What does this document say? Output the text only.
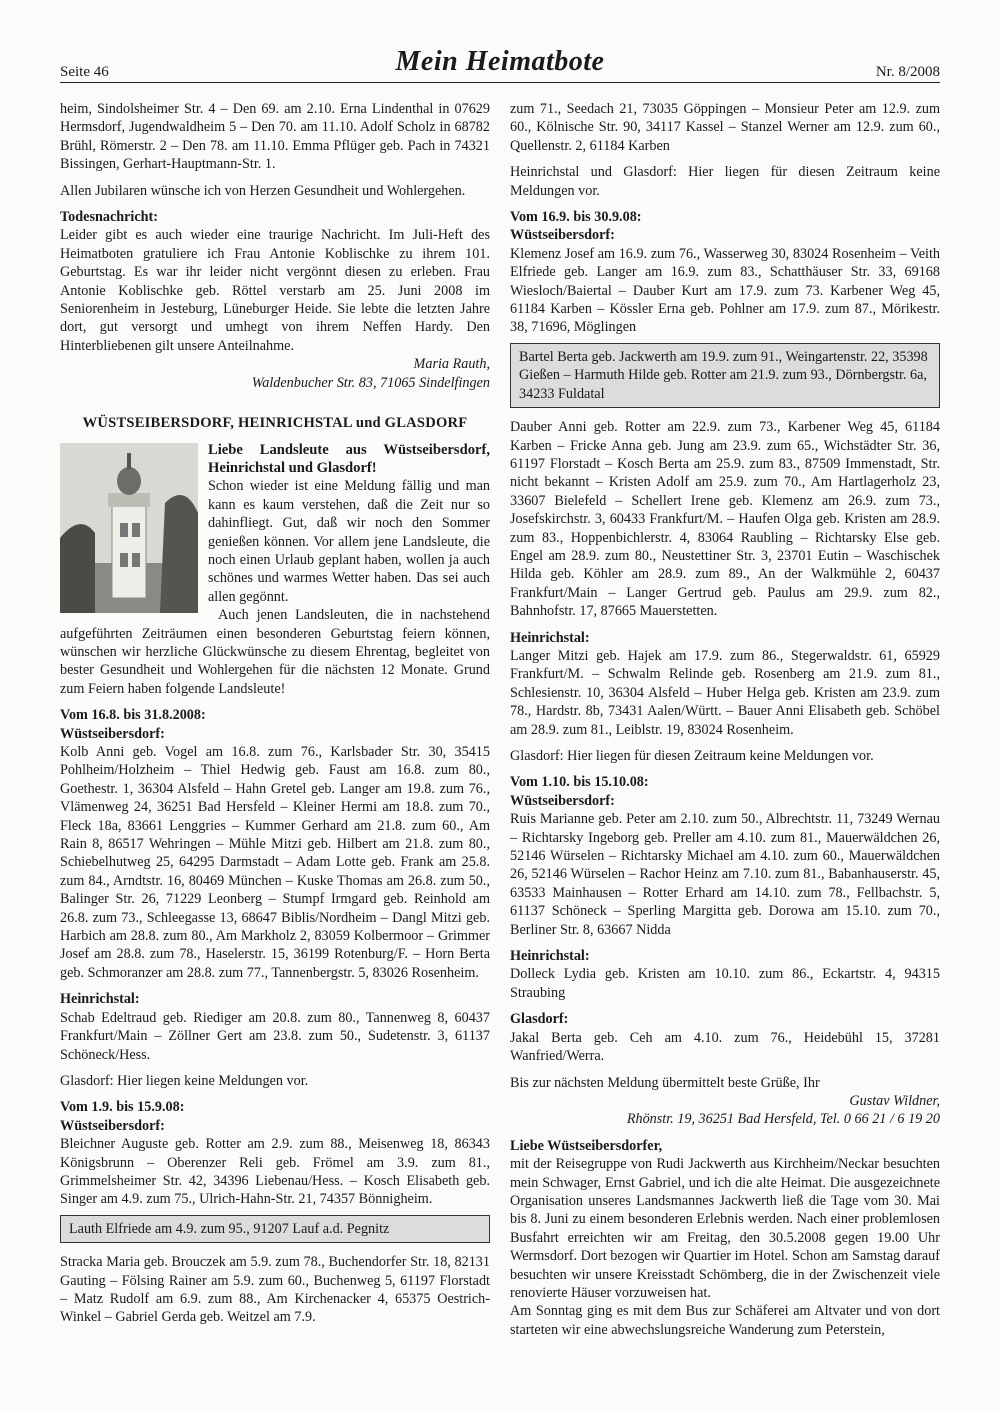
Seite 46	Mein Heimatbote	Nr. 8/2008

heim, Sindolsheimer Str. 4 – Den 69. am 2.10. Erna Lindenthal in 07629 Hermsdorf, Jugendwaldheim 5 – Den 70. am 11.10. Adolf Scholz in 68782 Brühl, Römerstr. 2 – Den 78. am 11.10. Emma Pflüger geb. Pach in 74321 Bissingen, Gerhart-Hauptmann-Str. 1.

Allen Jubilaren wünsche ich von Herzen Gesundheit und Wohlergehen.

Todesnachricht:

Leider gibt es auch wieder eine traurige Nachricht. Im Juli-Heft des Heimatboten gratuliere ich Frau Antonie Koblischke zu ihrem 101. Geburtstag. Es war ihr leider nicht vergönnt diesen zu erleben. Frau Antonie Koblischke geb. Röttel verstarb am 25. Juni 2008 im Seniorenheim in Jesteburg, Lüneburger Heide. Sie lebte die letzten Jahre dort, gut versorgt und umhegt von ihrem Neffen Hardy. Den Hinterbliebenen gilt unsere Anteilnahme.

Maria Rauth,
Waldenbucher Str. 83, 71065 Sindelfingen
WÜSTSEIBERSDORF, HEINRICHSTAL und GLASDORF
Liebe Landsleute aus Wüstseibersdorf, Heinrichstal und Glasdorf!

Schon wieder ist eine Meldung fällig und man kann es kaum verstehen, daß die Zeit nur so dahinfliegt. Gut, daß wir noch den Sommer genießen können. Vor allem jene Landsleute, die noch einen Urlaub geplant haben, wollen ja auch schönes und warmes Wetter haben. Das sei auch allen gegönnt.

Auch jenen Landsleuten, die in nachstehend aufgeführten Zeiträumen einen besonderen Geburtstag feiern können, wünschen wir herzliche Glückwünsche zu diesem Ehrentag, begleitet von bester Gesundheit und Wohlergehen für die nächsten 12 Monate. Grund zum Feiern haben folgende Landsleute!

Vom 16.8. bis 31.8.2008:

Wüstseibersdorf:

Kolb Anni geb. Vogel am 16.8. zum 76., Karlsbader Str. 30, 35415 Pohlheim/Holzheim – Thiel Hedwig geb. Faust am 16.8. zum 80., Goethestr. 1, 36304 Alsfeld – Hahn Gretel geb. Langer am 19.8. zum 76., Vlämenweg 24, 36251 Bad Hersfeld – Kleiner Hermi am 18.8. zum 70., Fleck 18a, 83661 Lenggries – Kummer Gerhard am 21.8. zum 60., Am Rain 8, 86517 Wehringen – Mühle Mitzi geb. Hilbert am 21.8. zum 80., Schiebelhutweg 25, 64295 Darmstadt – Adam Lotte geb. Frank am 25.8. zum 84., Arndtstr. 16, 80469 München – Kuske Thomas am 26.8. zum 50., Balinger Str. 26, 71229 Leonberg – Stumpf Irmgard geb. Reinhold am 26.8. zum 73., Schleegasse 13, 68647 Biblis/Nordheim – Dangl Mitzi geb. Harbich am 28.8. zum 80., Am Markholz 2, 83059 Kolbermoor – Grimmer Josef am 28.8. zum 78., Haselerstr. 15, 36199 Rotenburg/F. – Horn Berta geb. Schmoranzer am 28.8. zum 77., Tannenbergstr. 5, 83026 Rosenheim.

Heinrichstal:

Schab Edeltraud geb. Riediger am 20.8. zum 80., Tannenweg 8, 60437 Frankfurt/Main – Zöllner Gert am 23.8. zum 50., Sudetenstr. 3, 61137 Schöneck/Hess.

Glasdorf: Hier liegen keine Meldungen vor.

Vom 1.9. bis 15.9.08:

Wüstseibersdorf:

Bleichner Auguste geb. Rotter am 2.9. zum 88., Meisenweg 18, 86343 Königsbrunn – Oberenzer Reli geb. Frömel am 3.9. zum 81., Grimmelsheimer Str. 42, 34396 Liebenau/Hess. – Kosch Elisabeth geb. Singer am 4.9. zum 75., Ulrich-Hahn-Str. 21, 74357 Bönnigheim.

Lauth Elfriede am 4.9. zum 95., 91207 Lauf a.d. Pegnitz

Stracka Maria geb. Brouczek am 5.9. zum 78., Buchendorfer Str. 18, 82131 Gauting – Fölsing Rainer am 5.9. zum 60., Buchenweg 5, 61197 Florstadt – Matz Rudolf am 6.9. zum 88., Am Kirchenacker 4, 65375 Oestrich-Winkel – Gabriel Gerda geb. Weitzel am 7.9.

zum 71., Seedach 21, 73035 Göppingen – Monsieur Peter am 12.9. zum 60., Kölnische Str. 90, 34117 Kassel – Stanzel Werner am 12.9. zum 60., Quellenstr. 2, 61184 Karben

Heinrichstal und Glasdorf: Hier liegen für diesen Zeitraum keine Meldungen vor.

Vom 16.9. bis 30.9.08:

Wüstseibersdorf:

Klemenz Josef am 16.9. zum 76., Wasserweg 30, 83024 Rosenheim – Veith Elfriede geb. Langer am 16.9. zum 83., Schatthäuser Str. 33, 69168 Wiesloch/Baiertal – Dauber Kurt am 17.9. zum 73. Karbener Weg 45, 61184 Karben – Kössler Erna geb. Pohlner am 17.9. zum 87., Mörikestr. 38, 71696, Möglingen

Bartel Berta geb. Jackwerth am 19.9. zum 91., Weingartenstr. 22, 35398 Gießen – Harmuth Hilde geb. Rotter am 21.9. zum 93., Dörnbergstr. 6a, 34233 Fuldatal

Dauber Anni geb. Rotter am 22.9. zum 73., Karbener Weg 45, 61184 Karben – Fricke Anna geb. Jung am 23.9. zum 65., Wichstädter Str. 36, 61197 Florstadt – Kosch Berta am 25.9. zum 83., 87509 Immenstadt, Str. nicht bekannt – Kristen Adolf am 25.9. zum 70., Am Hartlagerholz 23, 33607 Bielefeld – Schellert Irene geb. Klemenz am 26.9. zum 73., Josefskirchstr. 3, 60433 Frankfurt/M. – Haufen Olga geb. Kristen am 28.9. zum 83., Hoppenbichlerstr. 4, 83064 Raubling – Richtarsky Else geb. Engel am 28.9. zum 80., Neustettiner Str. 3, 23701 Eutin – Waschischek Hilda geb. Köhler am 28.9. zum 89., An der Walkmühle 2, 60437 Frankfurt/Main – Langer Gertrud geb. Paulus am 29.9. zum 82., Bahnhofstr. 17, 87665 Mauerstetten.

Heinrichstal:

Langer Mitzi geb. Hajek am 17.9. zum 86., Stegerwaldstr. 61, 65929 Frankfurt/M. – Schwalm Relinde geb. Rosenberg am 21.9. zum 81., Schlesienstr. 10, 36304 Alsfeld – Huber Helga geb. Kristen am 23.9. zum 78., Hardstr. 8b, 73431 Aalen/Württ. – Bauer Anni Elisabeth geb. Schöbel am 28.9. zum 81., Leiblstr. 19, 83024 Rosenheim.

Glasdorf: Hier liegen für diesen Zeitraum keine Meldungen vor.

Vom 1.10. bis 15.10.08:

Wüstseibersdorf:

Ruis Marianne geb. Peter am 2.10. zum 50., Albrechtstr. 11, 73249 Wernau – Richtarsky Ingeborg geb. Preller am 4.10. zum 81., Mauerwäldchen 26, 52146 Würselen – Richtarsky Michael am 4.10. zum 60., Mauerwäldchen 26, 52146 Würselen – Rachor Heinz am 7.10. zum 81., Babanhauserstr. 45, 63533 Mainhausen – Rotter Erhard am 14.10. zum 78., Fellbachstr. 5, 61137 Schöneck – Sperling Margitta geb. Dorowa am 15.10. zum 70., Berliner Str. 8, 63667 Nidda

Heinrichstal:

Dolleck Lydia geb. Kristen am 10.10. zum 86., Eckartstr. 4, 94315 Straubing

Glasdorf:

Jakal Berta geb. Ceh am 4.10. zum 76., Heidebühl 15, 37281 Wanfried/Werra.

Bis zur nächsten Meldung übermittelt beste Grüße, Ihr

Gustav Wildner,
Rhönstr. 19, 36251 Bad Hersfeld, Tel. 0 66 21 / 6 19 20

Liebe Wüstseibersdorfer,

mit der Reisegruppe von Rudi Jackwerth aus Kirchheim/Neckar besuchten mein Schwager, Ernst Gabriel, und ich die alte Heimat. Die ausgezeichnete Organisation unseres Landsmannes Jackwerth ließ die Tage vom 30. Mai bis 8. Juni zu einem besonderen Erlebnis werden. Nach einer problemlosen Busfahrt erreichten wir am Freitag, den 30.5.2008 gegen 19.00 Uhr Wermsdorf. Dort bezogen wir Quartier im Hotel. Schon am Samstag darauf besuchten wir unsere Kreisstadt Schömberg, die in der Zwischenzeit viele renovierte Häuser vorzuweisen hat.

Am Sonntag ging es mit dem Bus zur Schäferei am Altvater und von dort starteten wir eine abwechslungsreiche Wanderung zum Peterstein,
